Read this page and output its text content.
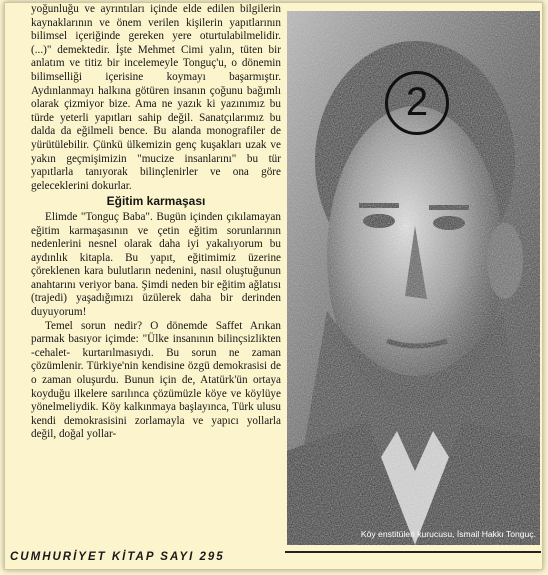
yoğunluğu ve ayrıntıları içinde elde edilen bilgilerin kaynaklarının ve önem verilen kişilerin yapıtlarının bilimsel içeriğinde gereken yere oturtulabilmelidir. (...)" demektedir. İşte Mehmet Cimi yalın, tüten bir anlatım ve titiz bir incelemeyle Tonguç'u, o dönemin bilimselliği içerisine koymayı başarmıştır. Aydınlanmayı halkına götüren insanın çoğunu bağımlı olarak çizmiyor bize. Ama ne yazık ki yazınımız bu türde yeterli yapıtları sahip değil. Sanatçılarımız bu dalda da eğilmeli bence. Bu alanda monografiler de yürütülebilir. Çünkü ülkemizin genç kuşakları uzak ve yakın geçmişimizin "mucize insanlarını" bu tür yapıtlarla tanıyorak bilinçlenirler ve ona göre geleceklerini dokurlar.

Eğitim karmaşası

Elimde "Tonguç Baba". Bugün içinden çıkılamayan eğitim karmaşasının ve çetin eğitim sorunlarının nedenlerini nesnel olarak daha iyi yakalıyorum bu aydınlık kitapla. Bu yapıt, eğitimimiz üzerine çöreklenen kara bulutların nedenini, nasıl oluştuğunun anahtarını veriyor bana. Şimdi neden bir eğitim ağlatısı (trajedi) yaşadığımızı üzülerek daha bir derinden duyuyorum!

Temel sorun nedir? O dönemde Saffet Arıkan parmak basıyor içimde: "Ülke insanının bilinçsizlikten -cehalet- kurtarılmasıydı. Bu sorun ne zaman çözümlenir. Türkiye'nin kendisine özgü demokrasisi de o zaman oluşurdu. Bunun için de, Atatürk'ün ortaya koyduğu ilkelere sarılınca çözümüzle köye ve köylüye yönelmeliydik. Köy kalkınmaya başlayınca, Türk ulusu kendi demokrasisini zorlamayla ve yapıcı yollarla değil, doğal yollar-

2
Köy enstitüleri kurucusu, İsmail Hakkı Tonguç.
CUMHURİYET KİTAP SAYI 295
